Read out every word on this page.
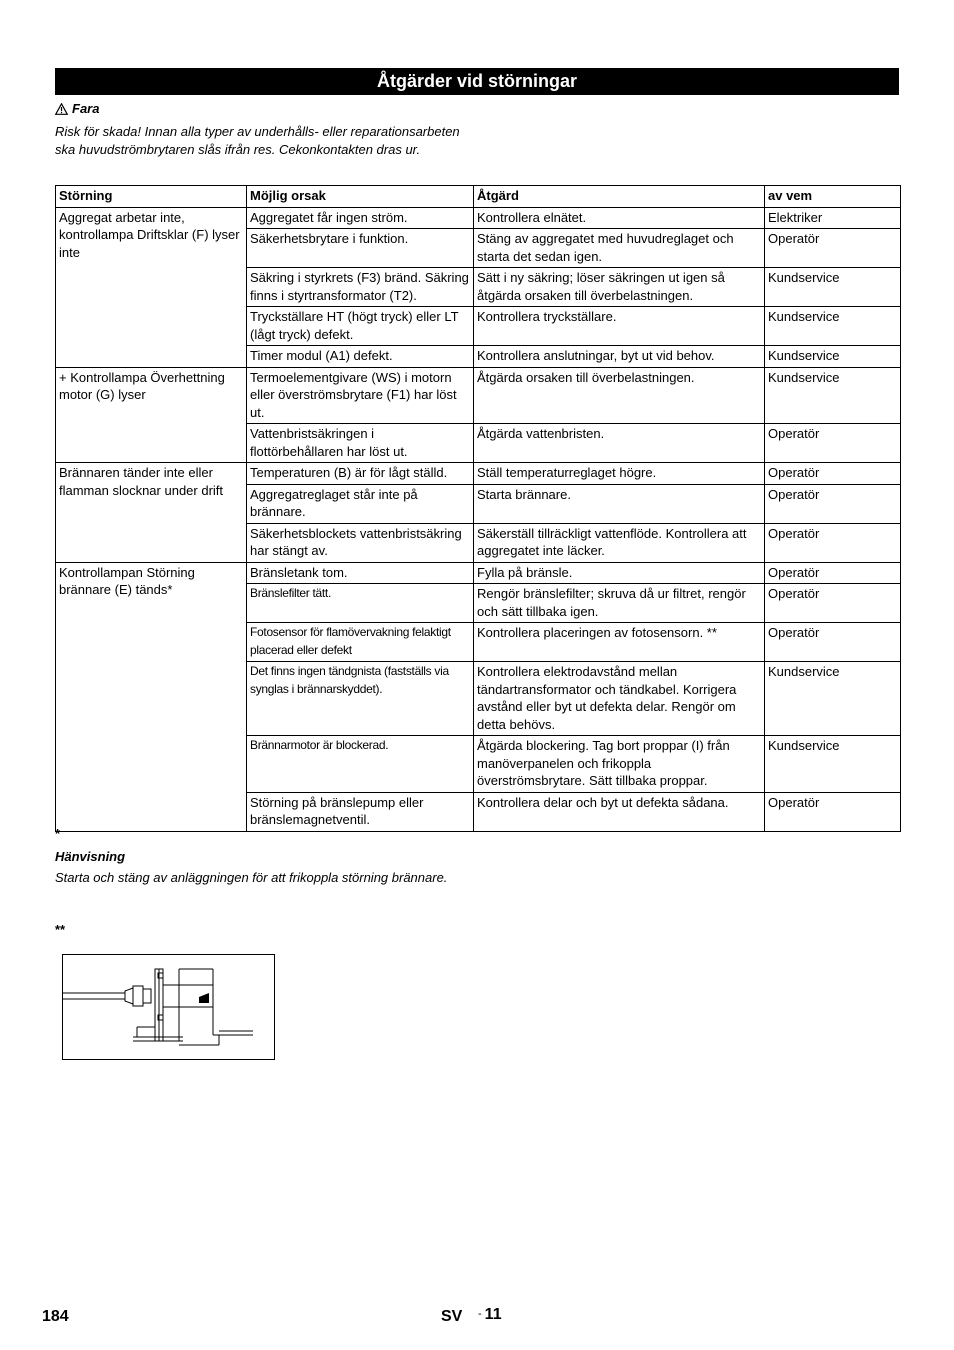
Åtgärder vid störningar
Fara
Risk för skada! Innan alla typer av underhålls- eller reparationsarbeten ska huvudströmbrytaren slås ifrån res. Cekonkontakten dras ur.
Störning	Möjlig orsak	Åtgärd	av vem
Aggregat arbetar inte, kontrollampa Driftsklar (F) lyser inte	Aggregatet får ingen ström.	Kontrollera elnätet.	Elektriker
	Säkerhetsbrytare i funktion.	Stäng av aggregatet med huvudreglaget och starta det sedan igen.	Operatör
	Säkring i styrkrets (F3) bränd. Säkring finns i styrtransformator (T2).	Sätt i ny säkring; löser säkringen ut igen så åtgärda orsaken till överbelastningen.	Kundservice
	Tryckställare HT (högt tryck) eller LT (lågt tryck) defekt.	Kontrollera tryckställare.	Kundservice
	Timer modul (A1) defekt.	Kontrollera anslutningar, byt ut vid behov.	Kundservice
+ Kontrollampa Överhettning motor (G) lyser	Termoelementgivare (WS) i motorn eller överströmsbrytare (F1) har löst ut.	Åtgärda orsaken till överbelastningen.	Kundservice
	Vattenbristsäkringen i flottörbehållaren har löst ut.	Åtgärda vattenbristen.	Operatör
Brännaren tänder inte eller flamman slocknar under drift	Temperaturen (B) är för lågt ställd.	Ställ temperaturreglaget högre.	Operatör
	Aggregatreglaget står inte på brännare.	Starta brännare.	Operatör
	Säkerhetsblockets vattenbristsäkring har stängt av.	Säkerställ tillräckligt vattenflöde. Kontrollera att aggregatet inte läcker.	Operatör
Kontrollampan Störning brännare (E) tänds*	Bränsletank tom.	Fylla på bränsle.	Operatör
	Bränslefilter tätt.	Rengör bränslefilter; skruva då ur filtret, rengör och sätt tillbaka igen.	Operatör
	Fotosensor för flamövervakning felaktigt placerad eller defekt	Kontrollera placeringen av fotosensorn. **	Operatör
	Det finns ingen tändgnista (fastställs via synglas i brännarskyddet).	Kontrollera elektrodavstånd mellan tändartransformator och tändkabel. Korrigera avstånd eller byt ut defekta delar. Rengör om detta behövs.	Kundservice
	Brännarmotor är blockerad.	Åtgärda blockering. Tag bort proppar (I) från manöverpanelen och frikoppla överströmsbrytare. Sätt tillbaka proppar.	Kundservice
	Störning på bränslepump eller bränslemagnetventil.	Kontrollera delar och byt ut defekta sådana.	Operatör
*
Hänvisning
Starta och stäng av anläggningen för att frikoppla störning brännare.
**
184	SV - 11
